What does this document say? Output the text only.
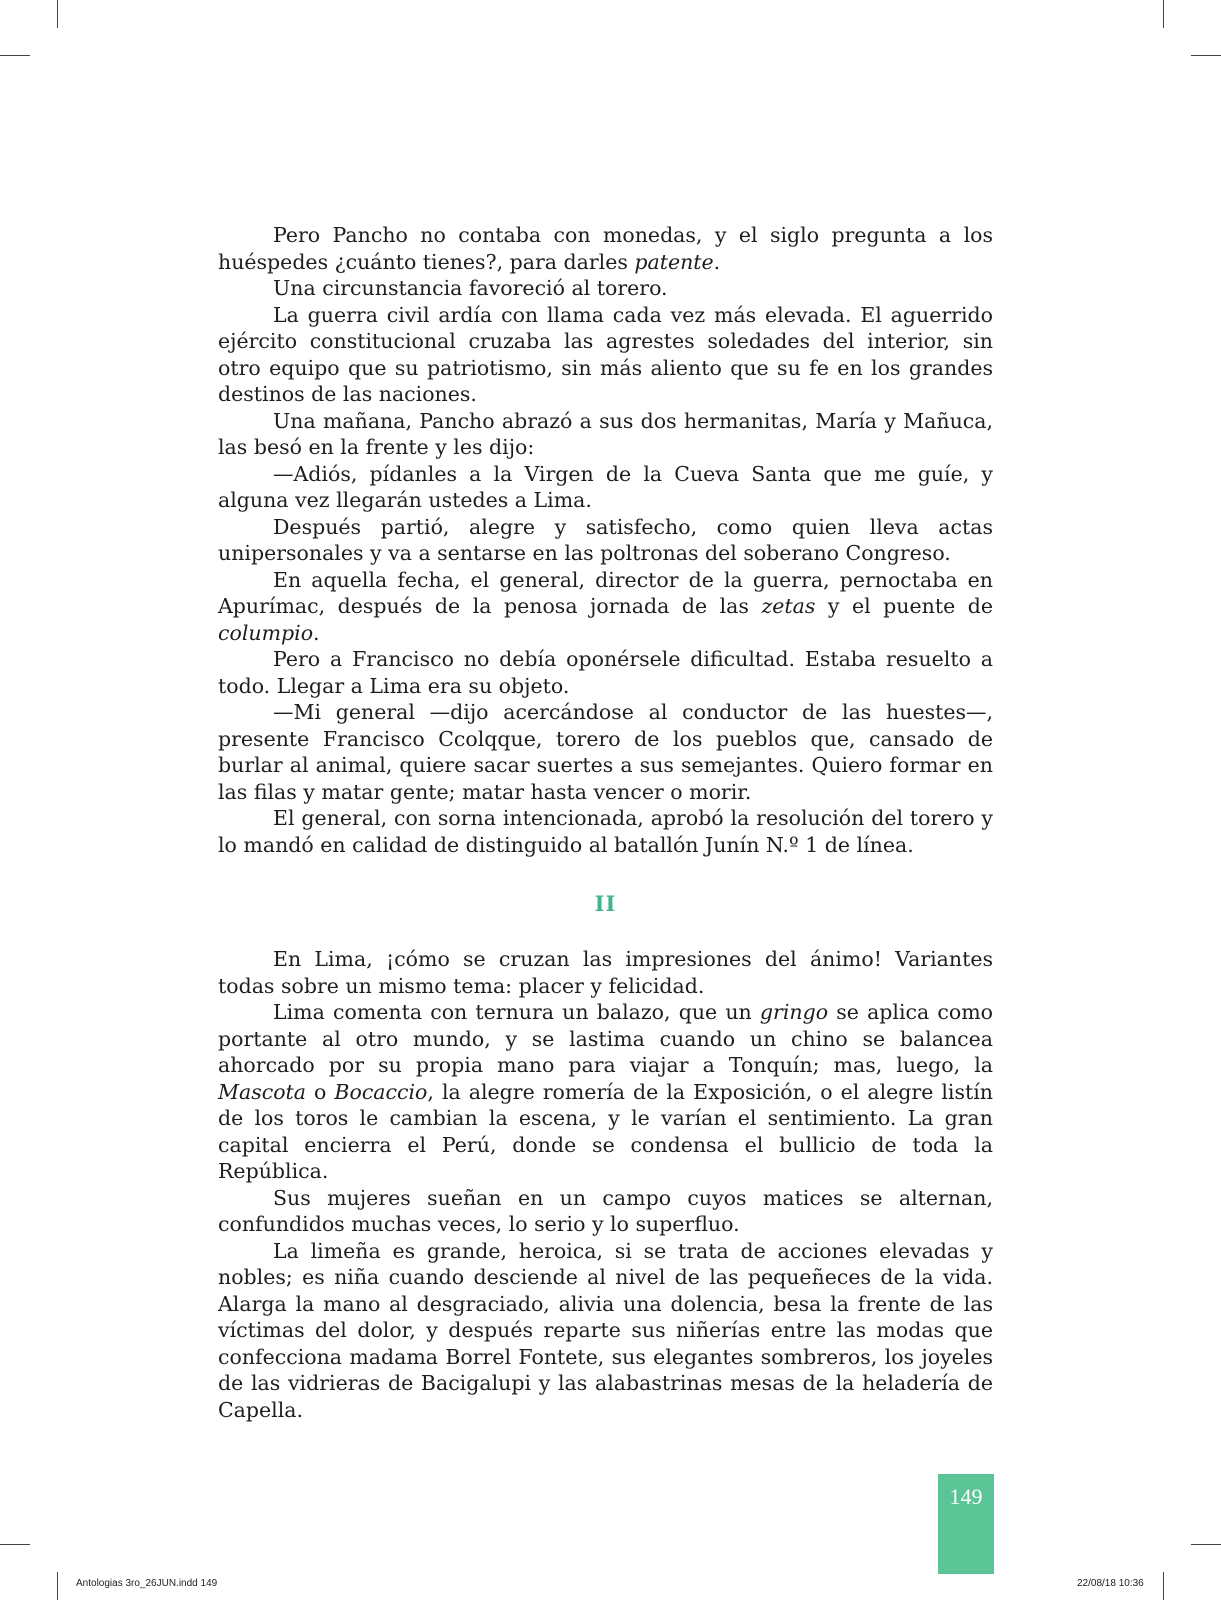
Pero Pancho no contaba con monedas, y el siglo pregunta a los huéspedes ¿cuánto tienes?, para darles patente.

Una circunstancia favoreció al torero.

La guerra civil ardía con llama cada vez más elevada. El aguerrido ejército constitucional cruzaba las agrestes soledades del interior, sin otro equipo que su patriotismo, sin más aliento que su fe en los grandes destinos de las naciones.

Una mañana, Pancho abrazó a sus dos hermanitas, María y Mañuca, las besó en la frente y les dijo:

—Adiós, pídanles a la Virgen de la Cueva Santa que me guíe, y alguna vez llegarán ustedes a Lima.

Después partió, alegre y satisfecho, como quien lleva actas unipersonales y va a sentarse en las poltronas del soberano Congreso.

En aquella fecha, el general, director de la guerra, pernoctaba en Apurímac, después de la penosa jornada de las zetas y el puente de columpio.

Pero a Francisco no debía oponérsele dificultad. Estaba resuelto a todo. Llegar a Lima era su objeto.

—Mi general —dijo acercándose al conductor de las huestes—, presente Francisco Ccolqque, torero de los pueblos que, cansado de burlar al animal, quiere sacar suertes a sus semejantes. Quiero formar en las filas y matar gente; matar hasta vencer o morir.

El general, con sorna intencionada, aprobó la resolución del torero y lo mandó en calidad de distinguido al batallón Junín N.º 1 de línea.

II

En Lima, ¡cómo se cruzan las impresiones del ánimo! Variantes todas sobre un mismo tema: placer y felicidad.

Lima comenta con ternura un balazo, que un gringo se aplica como portante al otro mundo, y se lastima cuando un chino se balancea ahorcado por su propia mano para viajar a Tonquín; mas, luego, la Mascota o Bocaccio, la alegre romería de la Exposición, o el alegre listín de los toros le cambian la escena, y le varían el sentimiento. La gran capital encierra el Perú, donde se condensa el bullicio de toda la República.

Sus mujeres sueñan en un campo cuyos matices se alternan, confundidos muchas veces, lo serio y lo superfluo.

La limeña es grande, heroica, si se trata de acciones elevadas y nobles; es niña cuando desciende al nivel de las pequeñeces de la vida. Alarga la mano al desgraciado, alivia una dolencia, besa la frente de las víctimas del dolor, y después reparte sus niñerías entre las modas que confecciona madama Borrel Fontete, sus elegantes sombreros, los joyeles de las vidrieras de Bacigalupi y las alabastrinas mesas de la heladería de Capella.

149
Antologias 3ro_26JUN.indd 149	22/08/18 10:36
